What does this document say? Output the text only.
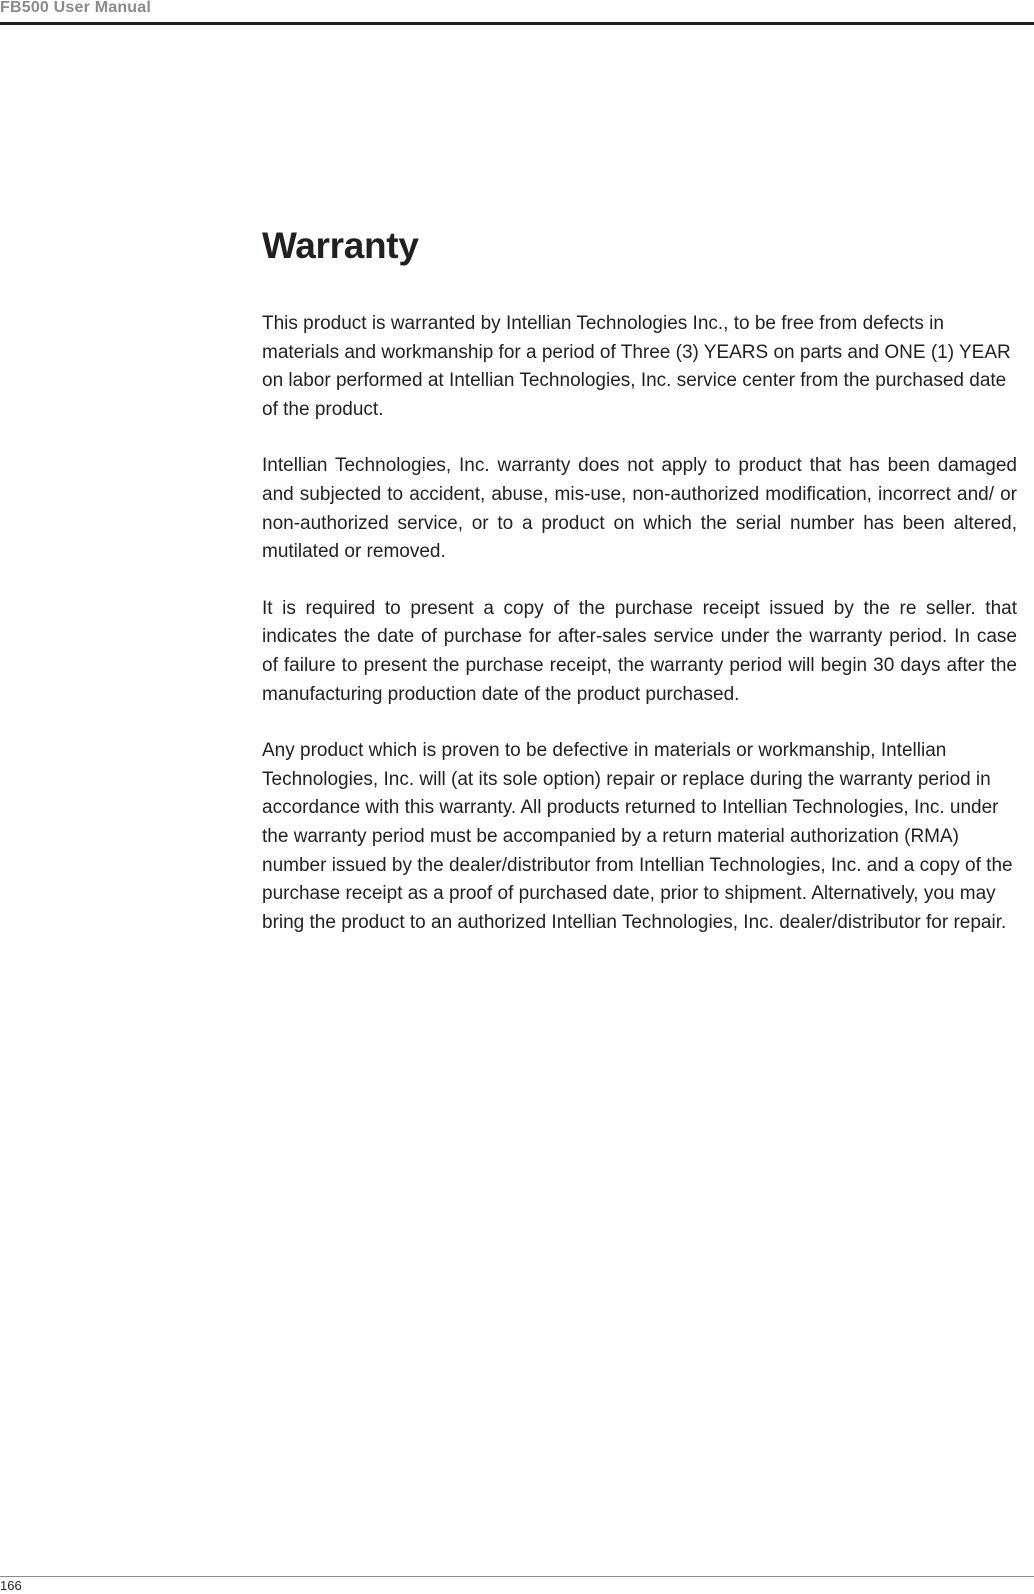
FB500 User Manual
Warranty

This product is warranted by Intellian Technologies Inc., to be free from defects in materials and workmanship for a period of Three (3) YEARS on parts and ONE (1) YEAR on labor performed at Intellian Technologies, Inc. service center from the purchased date of the product.

Intellian Technologies, Inc. warranty does not apply to product that has been damaged and subjected to accident, abuse, mis-use, non-authorized modification, incorrect and/ or non-authorized service, or to a product on which the serial number has been altered, mutilated or removed.

It is required to present a copy of the purchase receipt issued by the re seller. that indicates the date of purchase for after-sales service under the warranty period. In case of failure to present the purchase receipt, the warranty period will begin 30 days after the manufacturing production date of the product purchased.

Any product which is proven to be defective in materials or workmanship, Intellian Technologies, Inc. will (at its sole option) repair or replace during the warranty period in accordance with this warranty. All products returned to Intellian Technologies, Inc. under the warranty period must be accompanied by a return material authorization (RMA) number issued by the dealer/distributor from Intellian Technologies, Inc. and a copy of the purchase receipt as a proof of purchased date, prior to shipment. Alternatively, you may bring the product to an authorized Intellian Technologies, Inc. dealer/distributor for repair.

166
